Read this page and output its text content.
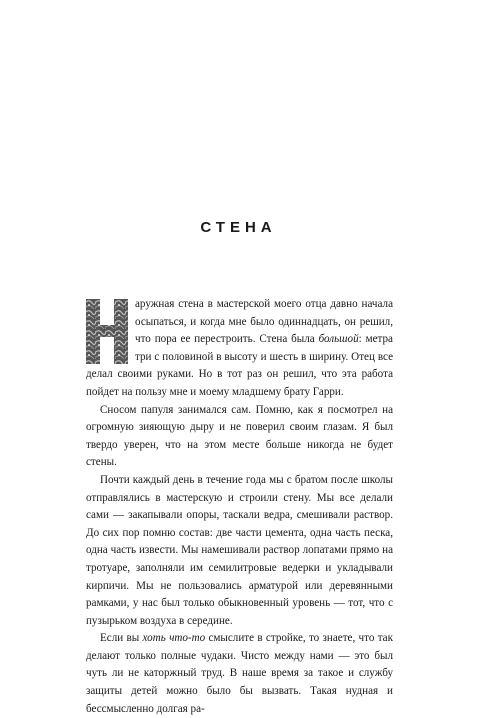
СТЕНА

аружная стена в мастерской моего отца давно начала осыпаться, и когда мне было одиннадцать, он решил, что пора ее перестроить. Стена была большой: метра три с половиной в высоту и шесть в ширину. Отец все делал своими руками. Но в тот раз он решил, что эта работа пойдет на пользу мне и моему младшему брату Гарри.

Сносом папуля занимался сам. Помню, как я посмотрел на огромную зияющую дыру и не поверил своим глазам. Я был твердо уверен, что на этом месте больше никогда не будет стены.

Почти каждый день в течение года мы с братом после школы отправлялись в мастерскую и строили стену. Мы все делали сами — закапывали опоры, таскали ведра, смешивали раствор. До сих пор помню состав: две части цемента, одна часть песка, одна часть извести. Мы намешивали раствор лопатами прямо на тротуаре, заполняли им семилитровые ведерки и укладывали кирпичи. Мы не пользовались арматурой или деревянными рамками, у нас был только обыкновенный уровень — тот, что с пузырьком воздуха в середине.

Если вы хоть что-то смыслите в стройке, то знаете, что так делают только полные чудаки. Чисто между нами — это был чуть ли не каторжный труд. В наше время за такое и службу защиты детей можно было бы вызвать. Такая нудная и бессмысленно долгая ра-
